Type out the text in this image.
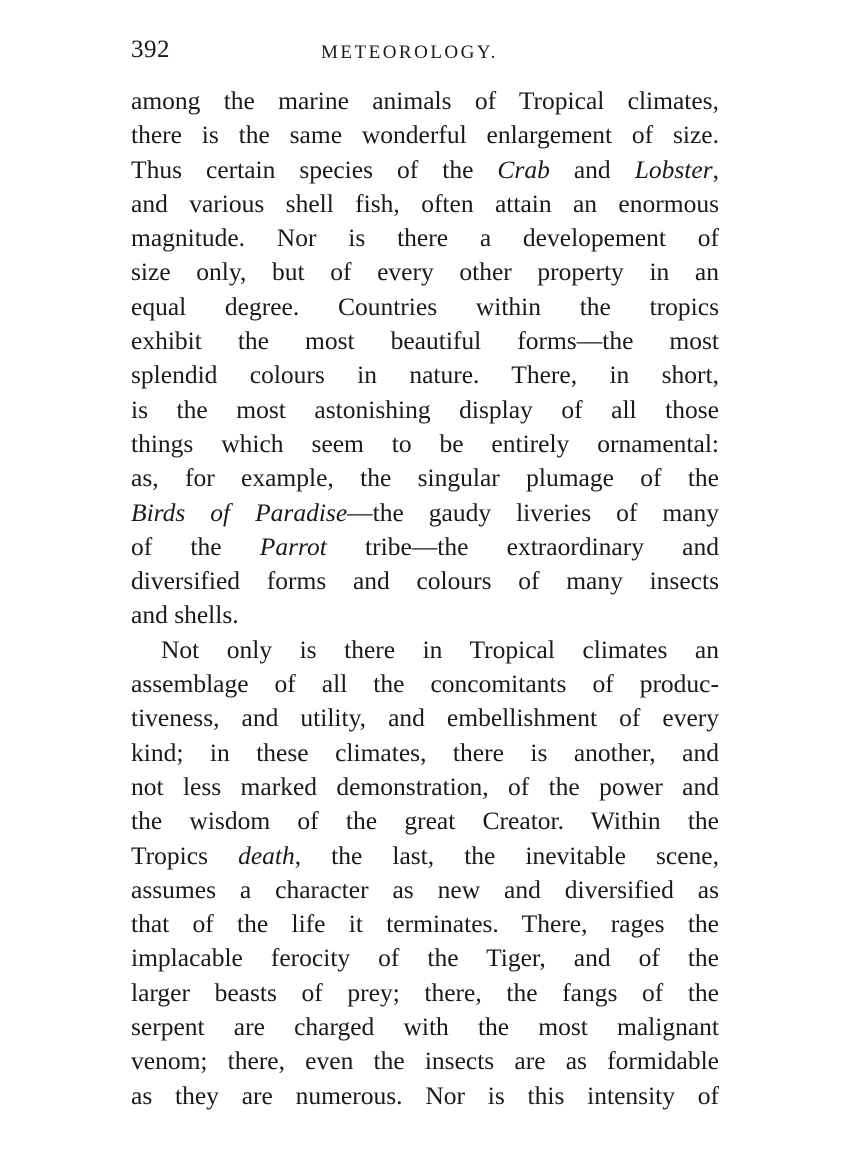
392	METEOROLOGY.
among the marine animals of Tropical climates,
there is the same wonderful enlargement of size.
Thus certain species of the Crab and Lobster,
and various shell fish, often attain an enormous
magnitude. Nor is there a developement of
size only, but of every other property in an
equal degree. Countries within the tropics
exhibit the most beautiful forms—the most
splendid colours in nature. There, in short,
is the most astonishing display of all those
things which seem to be entirely ornamental:
as, for example, the singular plumage of the
Birds of Paradise—the gaudy liveries of many
of the Parrot tribe—the extraordinary and
diversified forms and colours of many insects
and shells.
Not only is there in Tropical climates an
assemblage of all the concomitants of produc-
tiveness, and utility, and embellishment of every
kind; in these climates, there is another, and
not less marked demonstration, of the power and
the wisdom of the great Creator. Within the
Tropics death, the last, the inevitable scene,
assumes a character as new and diversified as
that of the life it terminates. There, rages the
implacable ferocity of the Tiger, and of the
larger beasts of prey; there, the fangs of the
serpent are charged with the most malignant
venom; there, even the insects are as formidable
as they are numerous. Nor is this intensity of
